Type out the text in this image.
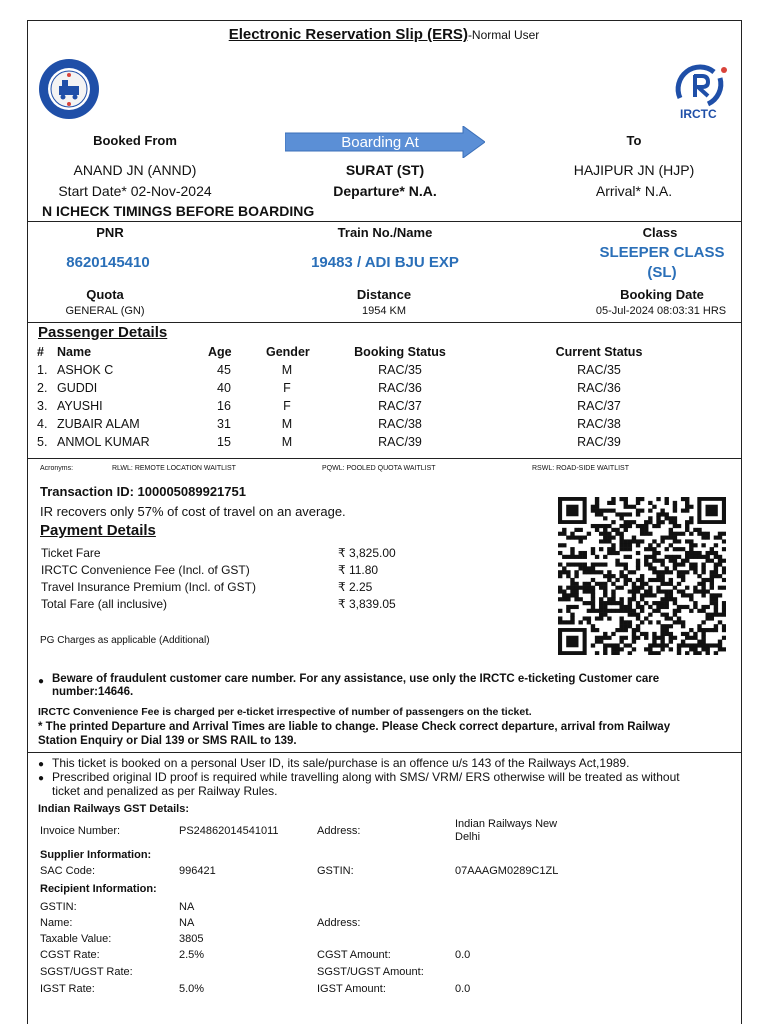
Electronic Reservation Slip (ERS)-Normal User
IRCTC
Booked From	Boarding At	To
ANAND JN (ANND)
Start Date* 02-Nov-2024
SURAT (ST)
Departure* N.A.
HAJIPUR JN (HJP)
Arrival* N.A.
N ICHECK TIMINGS BEFORE BOARDING
PNR	Train No./Name	Class
8620145410	19483 / ADI BJU EXP
SLEEPER CLASS
(SL)
Quota	Distance	Booking Date
GENERAL (GN)	1954 KM	05-Jul-2024 08:03:31 HRS
Passenger Details
# Name	Age	Gender	Booking Status	Current Status
1. ASHOK C	45	M	RAC/35	RAC/35
2. GUDDI	40	F	RAC/36	RAC/36
3. AYUSHI	16	F	RAC/37	RAC/37
4. ZUBAIR ALAM	31	M	RAC/38	RAC/38
5. ANMOL KUMAR	15	M	RAC/39	RAC/39
Acronyms:	RLWL: REMOTE LOCATION WAITLIST	PQWL: POOLED QUOTA WAITLIST	RSWL: ROAD-SIDE WAITLIST
Transaction ID: 100005089921751
IR recovers only 57% of cost of travel on an average.
Payment Details
Ticket Fare	₹ 3,825.00
IRCTC Convenience Fee (Incl. of GST)	₹ 11.80
Travel Insurance Premium (Incl. of GST)	₹ 2.25
Total Fare (all inclusive)	₹ 3,839.05
PG Charges as applicable (Additional)
● Beware of fraudulent customer care number. For any assistance, use only the IRCTC e-ticketing Customer care
number:14646.
IRCTC Convenience Fee is charged per e-ticket irrespective of number of passengers on the ticket.
* The printed Departure and Arrival Times are liable to change. Please Check correct departure, arrival from Railway
Station Enquiry or Dial 139 or SMS RAIL to 139.
● This ticket is booked on a personal User ID, its sale/purchase is an offence u/s 143 of the Railways Act,1989.
● Prescribed original ID proof is required while travelling along with SMS/ VRM/ ERS otherwise will be treated as without
ticket and penalized as per Railway Rules.
Indian Railways GST Details:
Invoice Number:	PS24862014541011	Address:
Indian Railways New
Delhi
Supplier Information:
SAC Code:	996421	GSTIN:	07AAAGM0289C1ZL
Recipient Information:
GSTIN:	NA
Name:	NA	Address:
Taxable Value:	3805
CGST Rate:	2.5%	CGST Amount:	0.0
SGST/UGST Rate:	SGST/UGST Amount:
IGST Rate:	5.0%	IGST Amount:	0.0
